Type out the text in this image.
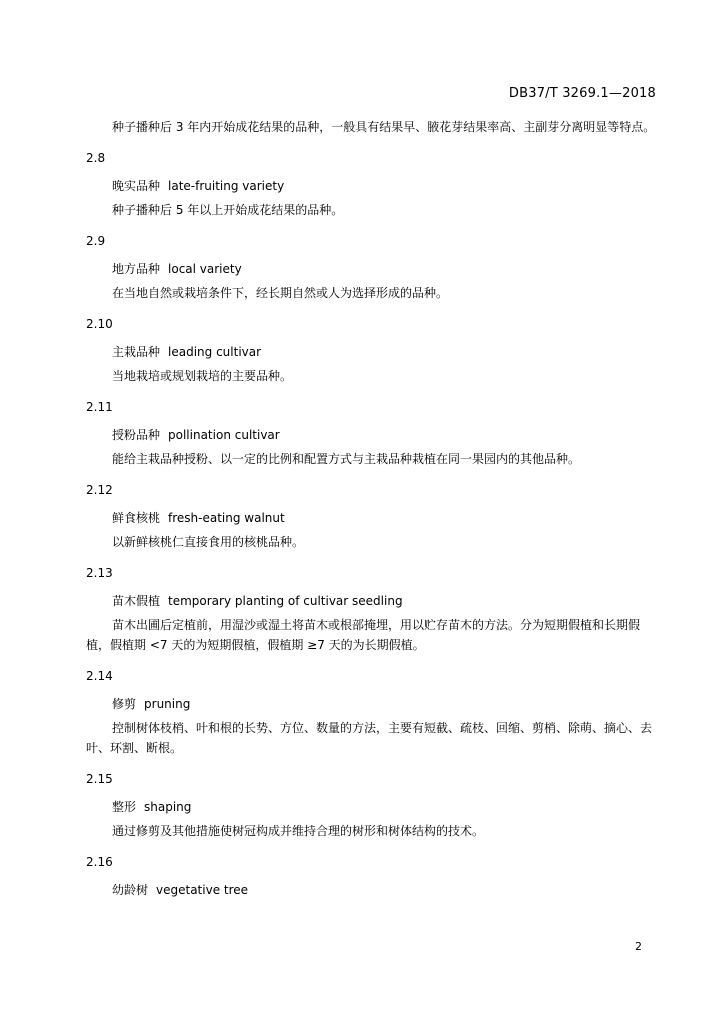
DB37/T 3269.1—2018

种子播种后 3 年内开始成花结果的品种，一般具有结果早、腋花芽结果率高、主副芽分离明显等特点。

2.8

晚实品种 late-fruiting variety

种子播种后 5 年以上开始成花结果的品种。

2.9

地方品种 local variety

在当地自然或栽培条件下，经长期自然或人为选择形成的品种。

2.10

主栽品种 leading cultivar

当地栽培或规划栽培的主要品种。

2.11

授粉品种 pollination cultivar

能给主栽品种授粉、以一定的比例和配置方式与主栽品种栽植在同一果园内的其他品种。

2.12

鲜食核桃 fresh-eating walnut

以新鲜核桃仁直接食用的核桃品种。

2.13

苗木假植 temporary planting of cultivar seedling

苗木出圃后定植前，用湿沙或湿土将苗木或根部掩埋，用以贮存苗木的方法。分为短期假植和长期假植，假植期 <7 天的为短期假植，假植期 ≥7 天的为长期假植。

2.14

修剪 pruning

控制树体枝梢、叶和根的长势、方位、数量的方法，主要有短截、疏枝、回缩、剪梢、除萌、摘心、去叶、环割、断根。

2.15

整形 shaping

通过修剪及其他措施使树冠构成并维持合理的树形和树体结构的技术。

2.16

幼龄树 vegetative tree

2
